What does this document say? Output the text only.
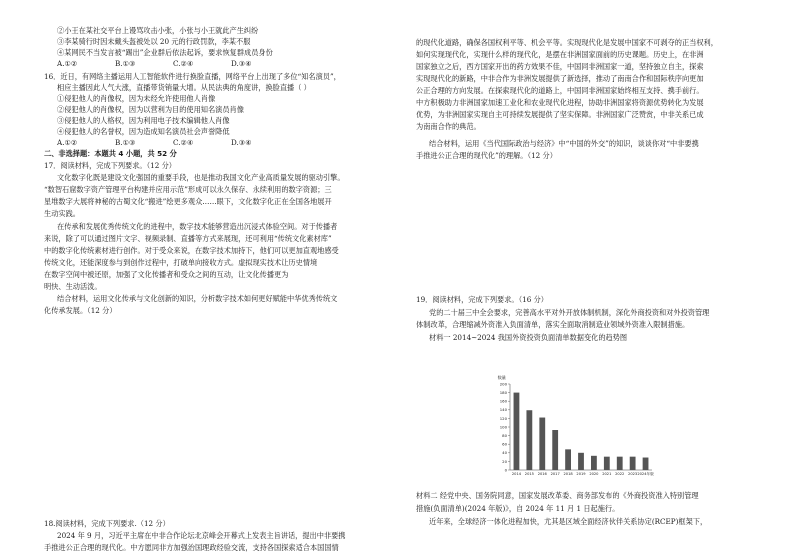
②小王在某社交平台上谩骂攻击小张，小张与小王就此产生纠纷
③李某骑行时因未戴头盔被处以 20 元的行政罚款，李某不服
④某网民不当发言被“踢出”企业群后依法起诉，要求恢复群成员身份
A.①②	B.①③	C.②④	D.③④
16．近日，有网络主播运用人工智能软件进行换脸直播，网络平台上出现了多位“知名演员”，
相应主播因此人气大涨，直播带货销量大增。从民法典的角度讲，换脸直播（ ）
①侵犯他人的肖像权，因为未经允许使用他人肖像
②侵犯他人的肖像权，因为以营利为目的使用知名演员肖像
③侵犯他人的人格权，因为利用电子技术编辑他人肖像
④侵犯他人的名誉权，因为造成知名演员社会声誉降低
A.①②	B.①③	C.②④	D.③④
二、非选择题：本题共 4 小题，共 52 分
17．阅读材料，完成下列要求。（12 分）
文化数字化既是建设文化强国的重要手段，也是推动我国文化产业高质量发展的驱动引擎。
“数智石窟数字资产管理平台构建并应用示范”形成可以永久保存、永续利用的数字资源；三
星堆数字大展将神秘的古蜀文化“搬进”绘更多观众……眼下，文化数字化正在全国各地展开
生动实践。
在传承和发展优秀传统文化的进程中，数字技术能够营造出沉浸式体验空间。对于传播者
来说，除了可以通过图片文字、视频录制、直播等方式来展现，还可利用“传统文化素材库”
中的数字化传统素材进行创作。对于受众来说，在数字技术加持下，他们可以更加直观地感受
传统文化，还能深度参与到创作过程中，打破单向接收方式。虚拟现实技术让历史情境
在数字空间中被还原，加强了文化传播者和受众之间的互动，让文化传播更为
明快、生动活泼。
结合材料，运用文化传承与文化创新的知识，分析数字技术如何更好赋能中华优秀传统文
化传承发展。（12 分）
18.阅读材料，完成下列要求.（12 分）
2024 年 9 月，习近平主席在中非合作论坛北京峰会开幕式上发表主旨讲话，提出中非要携
手推进公正合理的现代化。中方愿同非方加强治国理政经验交流，支持各国探索适合本国国情
的现代化道路，确保各国权利平等、机会平等。实现现代化是发展中国家不可剥夺的正当权利，
如何实现现代化，实现什么样的现代化，是摆在非洲国家面前的历史课题。历史上，在非洲
国家独立之后，西方国家开出的药方效果不佳，中国同非洲国家一道，坚持独立自主，探索
实现现代化的新路，中非合作为非洲发展提供了新选择，推动了南南合作和国际秩序向更加
公正合理的方向发展。在探索现代化的道路上，中国同非洲国家始终相互支持、携手前行。
中方积极助力非洲国家加速工业化和农业现代化进程，协助非洲国家将资源优势转化为发展
优势，为非洲国家实现自主可持续发展提供了坚实保障。非洲国家广泛赞赏，中非关系已成
为南南合作的典范。
结合材料，运用《当代国际政治与经济》中“中国的外交”的知识，谈谈你对“中非要携
手推进公正合理的现代化”的理解。（12 分）
19．阅读材料，完成下列要求。（16 分）
党的二十届三中全会要求，完善高水平对外开放体制机制，深化外商投资和对外投资管理
体制改革，合理缩减外资准入负面清单，落实全面取消制造业领域外资准入限制措施。
材料一 2014~2024 我国外资投资负面清单数据变化的趋势图
材料二 经党中央、国务院同意，国家发展改革委、商务部发布的《外商投资准入特别管理
措施(负面清单)(2024 年版)》，自 2024 年 11 月 1 日起施行。
近年来，全球经济一体化进程加快，尤其是区域全面经济伙伴关系协定(RCEP)框架下，
数量
0
20
40
60
80
100
120
140
160
180
200
2014 2015 2016 2017 2018 2019 2020 2021 2022 2023 2024年版
